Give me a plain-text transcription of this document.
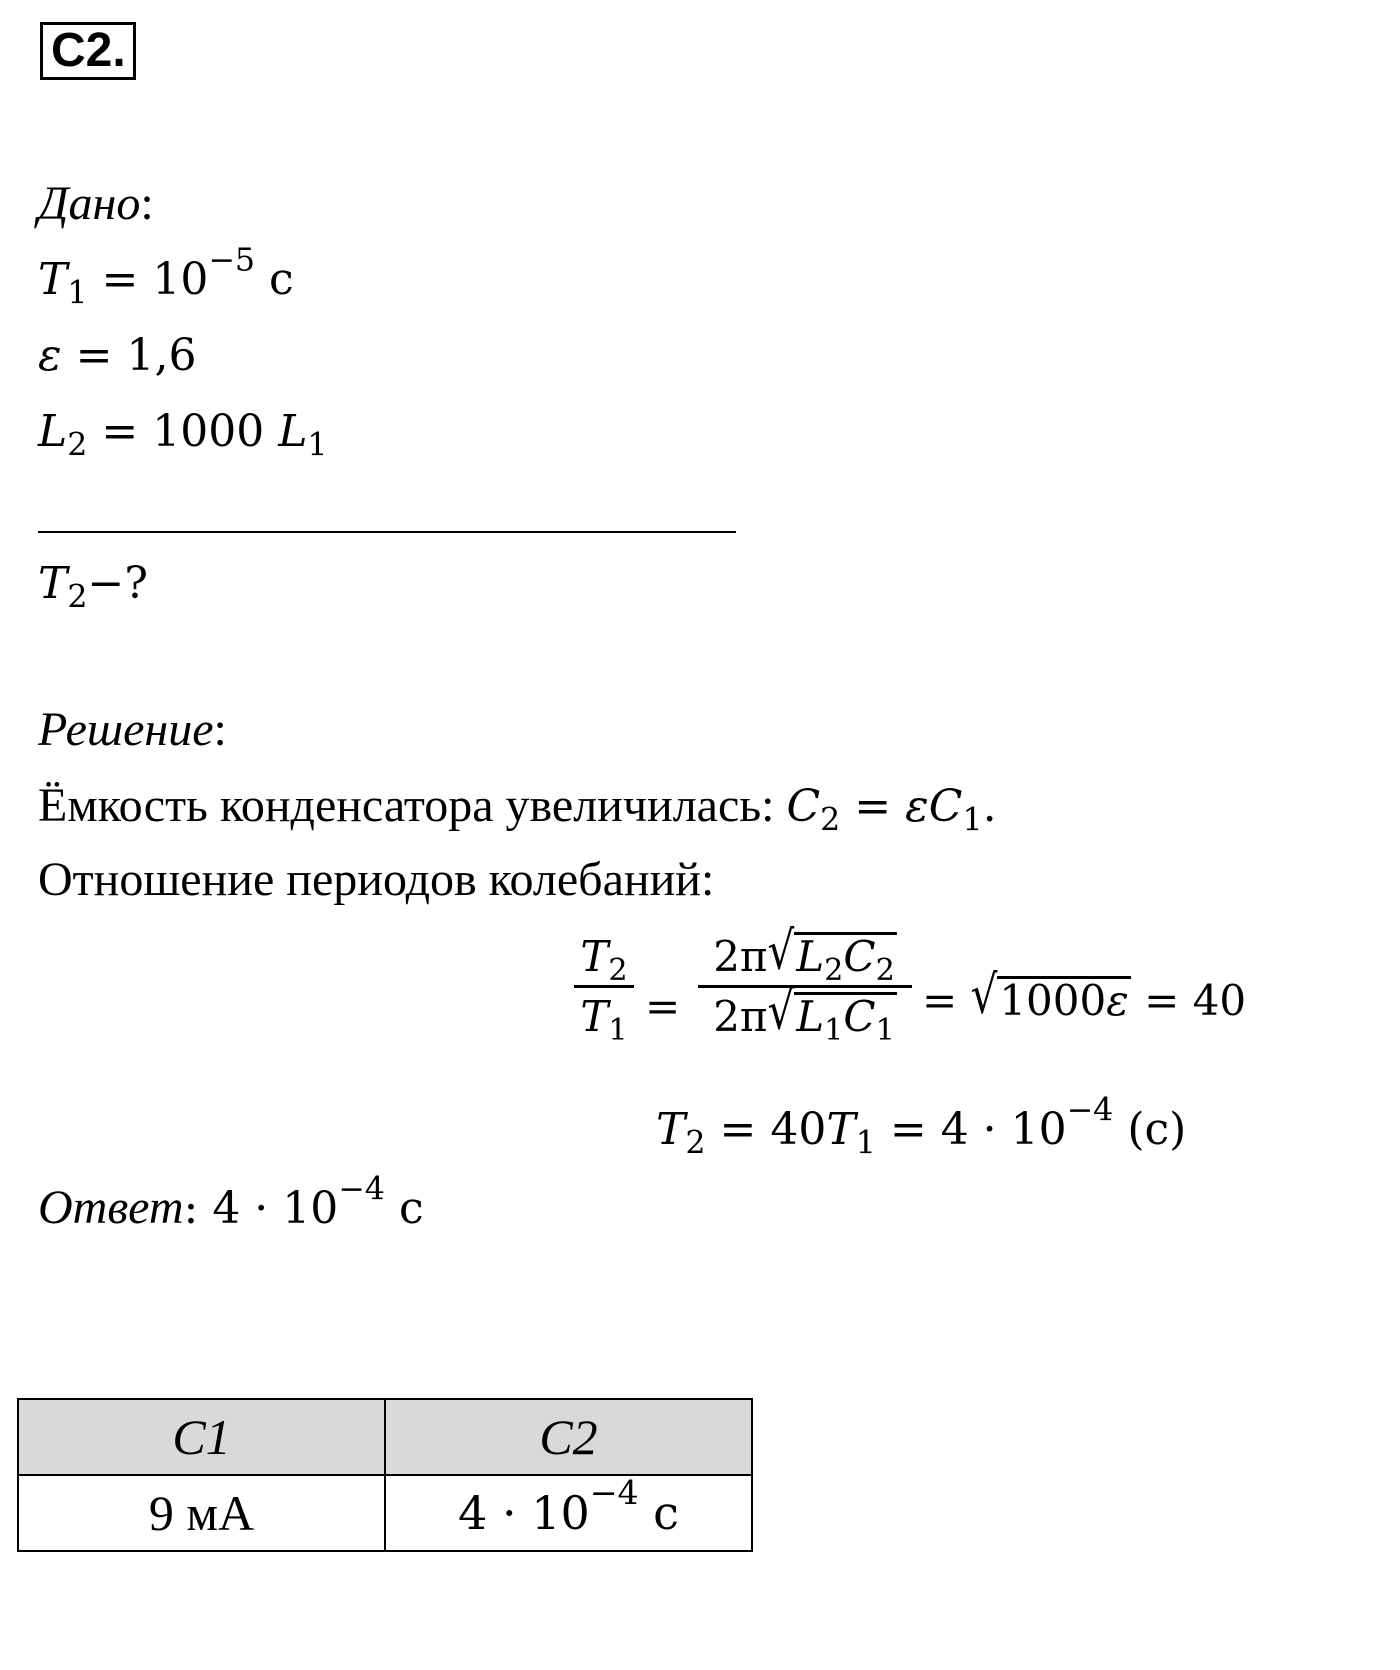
C2.
Дано:
$T_1 = 10^{-5}$ с
ε = 1,6
$L_2 = 1000$ $L_1$
$T_2-$?
Решение:
Ёмкость конденсатора увеличилась: $C_2 = \varepsilon C_1$.
Отношение периодов колебаний:
$T_2$
$T_1$ =
$2\pi√L_2C_2$
$2\pi√L_1C_1$
= √1000ε = 40
$T_2 = 40T_1 = 4 \cdot 10^{-4}$ (с)
Ответ: $4 \cdot 10^{-4}$ с
C1	C2
9 мА	$4 \cdot 10^{-4}$ с
